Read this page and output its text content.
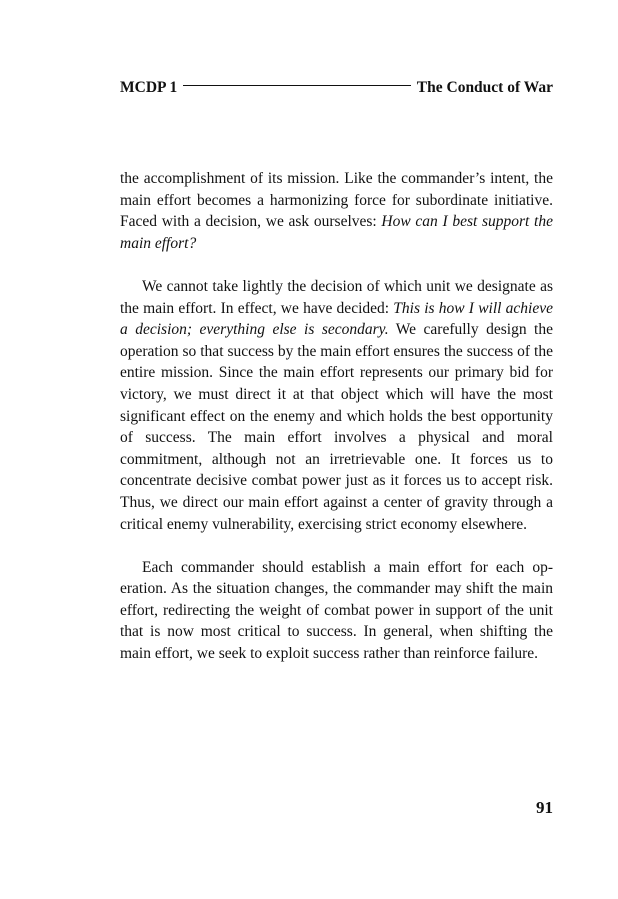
MCDP 1	The Conduct of War

the accomplishment of its mission. Like the commander’s intent, the main effort becomes a harmonizing force for subordinate initiative. Faced with a decision, we ask ourselves: How can I best support the main effort?

We cannot take lightly the decision of which unit we designate as the main effort. In effect, we have decided: This is how I will achieve a decision; everything else is secondary. We carefully design the operation so that success by the main effort ensures the success of the entire mission. Since the main effort represents our primary bid for victory, we must direct it at that object which will have the most significant effect on the enemy and which holds the best opportunity of success. The main effort involves a physical and moral commitment, although not an irretrievable one. It forces us to concentrate decisive combat power just as it forces us to accept risk. Thus, we direct our main effort against a center of gravity through a critical enemy vulnerability, exercising strict economy elsewhere.

Each commander should establish a main effort for each operation. As the situation changes, the commander may shift the main effort, redirecting the weight of combat power in support of the unit that is now most critical to success. In general, when shifting the main effort, we seek to exploit success rather than reinforce failure.

91
